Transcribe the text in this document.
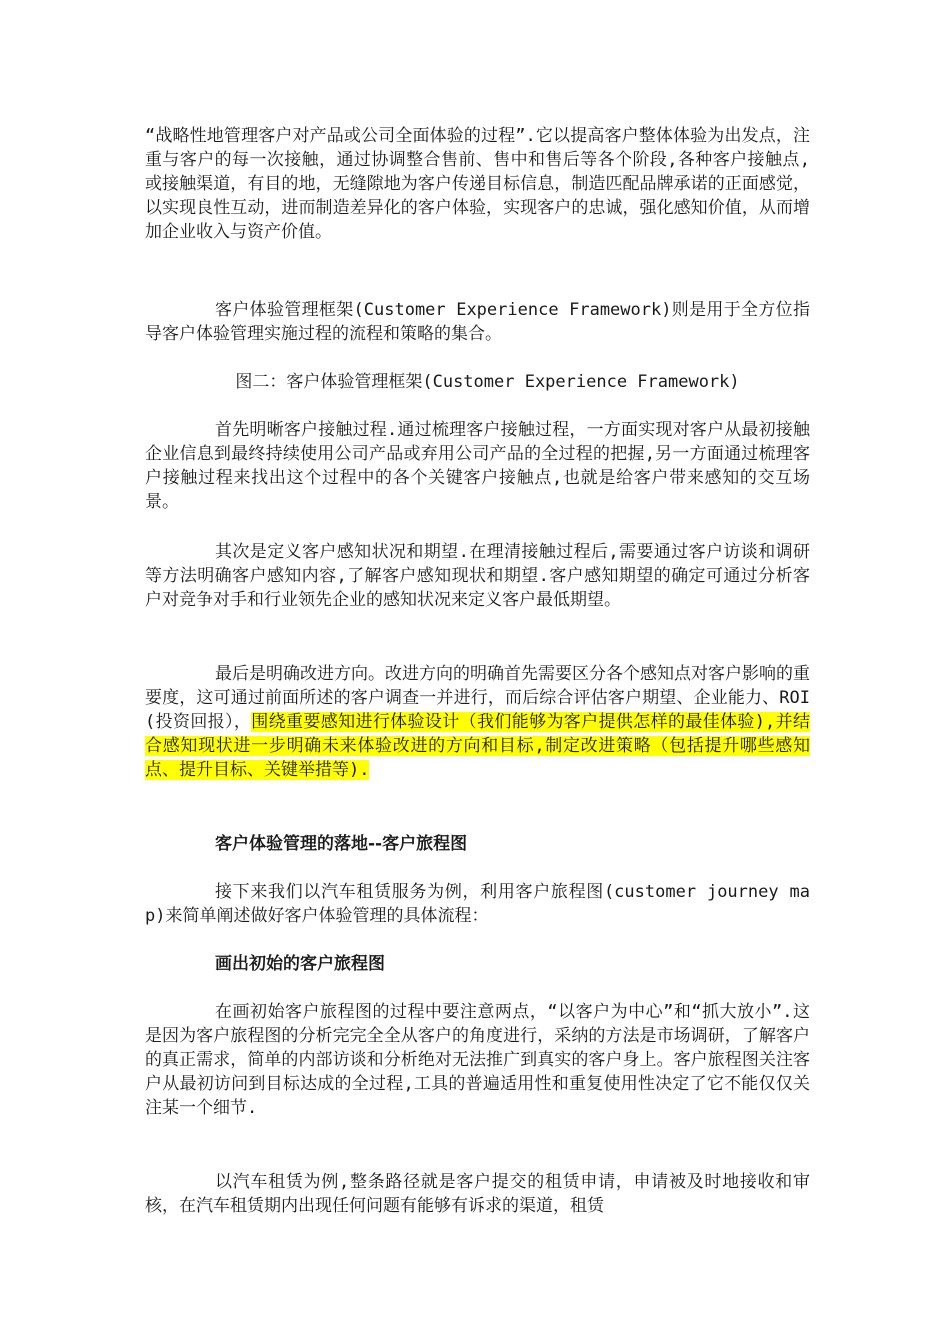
“战略性地管理客户对产品或公司全面体验的过程”.它以提高客户整体体验为出发点，注重与客户的每一次接触，通过协调整合售前、售中和售后等各个阶段,各种客户接触点,或接触渠道，有目的地，无缝隙地为客户传递目标信息，制造匹配品牌承诺的正面感觉，以实现良性互动，进而制造差异化的客户体验，实现客户的忠诚，强化感知价值，从而增加企业收入与资产价值。

客户体验管理框架(Customer Experience Framework)则是用于全方位指导客户体验管理实施过程的流程和策略的集合。

图二：客户体验管理框架(Customer Experience Framework)

首先明晰客户接触过程.通过梳理客户接触过程，一方面实现对客户从最初接触企业信息到最终持续使用公司产品或弃用公司产品的全过程的把握,另一方面通过梳理客户接触过程来找出这个过程中的各个关键客户接触点,也就是给客户带来感知的交互场景。

其次是定义客户感知状况和期望.在理清接触过程后,需要通过客户访谈和调研等方法明确客户感知内容,了解客户感知现状和期望.客户感知期望的确定可通过分析客户对竞争对手和行业领先企业的感知状况来定义客户最低期望。

最后是明确改进方向。改进方向的明确首先需要区分各个感知点对客户影响的重要度，这可通过前面所述的客户调查一并进行，而后综合评估客户期望、企业能力、ROI(投资回报），围绕重要感知进行体验设计（我们能够为客户提供怎样的最佳体验),并结合感知现状进一步明确未来体验改进的方向和目标,制定改进策略（包括提升哪些感知点、提升目标、关键举措等).

客户体验管理的落地--客户旅程图

接下来我们以汽车租赁服务为例，利用客户旅程图(customer journey map)来简单阐述做好客户体验管理的具体流程：

画出初始的客户旅程图

在画初始客户旅程图的过程中要注意两点，“以客户为中心”和“抓大放小”.这是因为客户旅程图的分析完完全全从客户的角度进行，采纳的方法是市场调研，了解客户的真正需求，简单的内部访谈和分析绝对无法推广到真实的客户身上。客户旅程图关注客户从最初访问到目标达成的全过程,工具的普遍适用性和重复使用性决定了它不能仅仅关注某一个细节.

以汽车租赁为例,整条路径就是客户提交的租赁申请，申请被及时地接收和审核，在汽车租赁期内出现任何问题有能够有诉求的渠道，租赁
